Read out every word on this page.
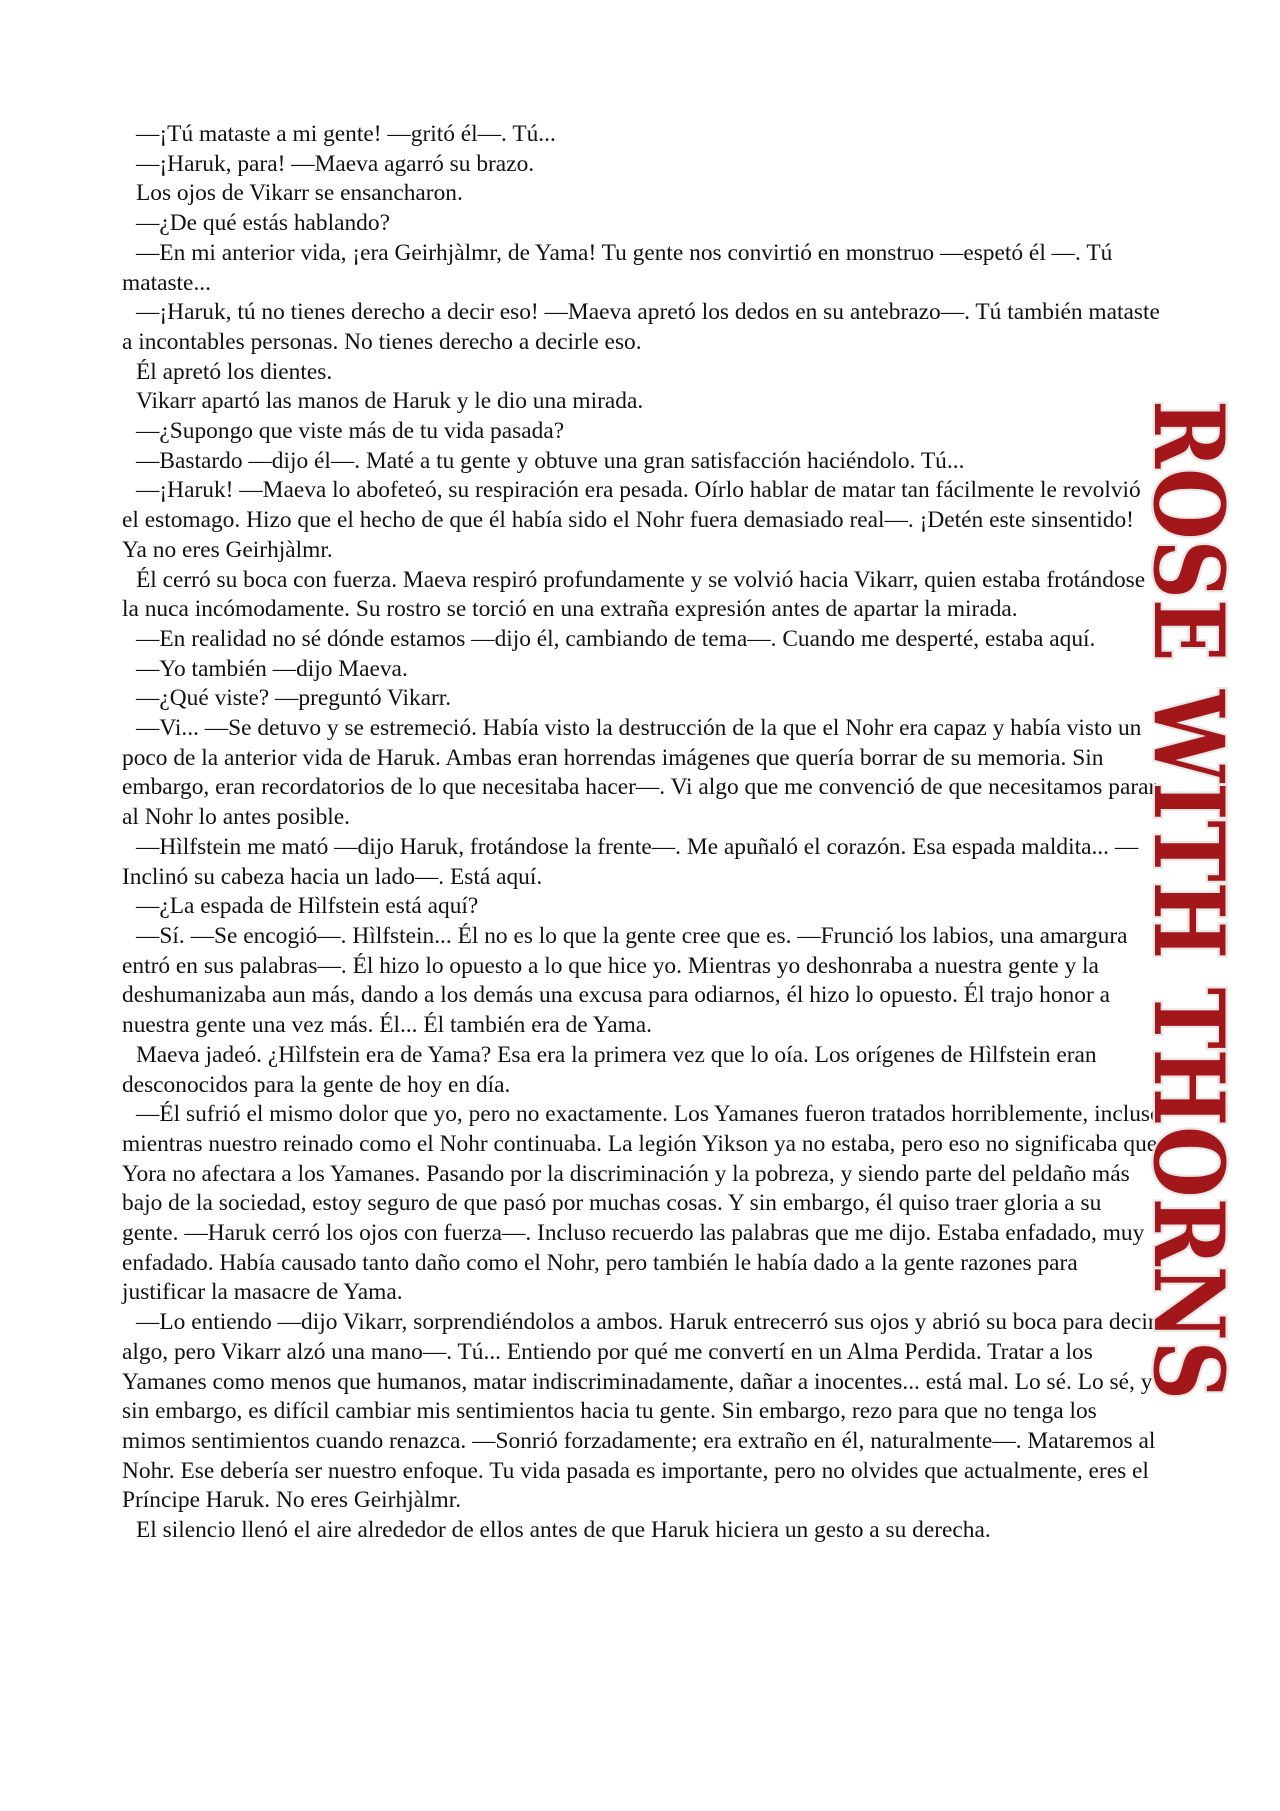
—¡Tú mataste a mi gente! —gritó él—. Tú...

—¡Haruk, para! —Maeva agarró su brazo.

Los ojos de Vikarr se ensancharon.

—¿De qué estás hablando?

—En mi anterior vida, ¡era Geirhjàlmr, de Yama! Tu gente nos convirtió en monstruo —espetó él —. Tú mataste...

—¡Haruk, tú no tienes derecho a decir eso! —Maeva apretó los dedos en su antebrazo—. Tú también mataste a incontables personas. No tienes derecho a decirle eso.

Él apretó los dientes.

Vikarr apartó las manos de Haruk y le dio una mirada.

—¿Supongo que viste más de tu vida pasada?

—Bastardo —dijo él—. Maté a tu gente y obtuve una gran satisfacción haciéndolo. Tú...

—¡Haruk! —Maeva lo abofeteó, su respiración era pesada. Oírlo hablar de matar tan fácilmente le revolvió el estomago. Hizo que el hecho de que él había sido el Nohr fuera demasiado real—. ¡Detén este sinsentido! Ya no eres Geirhjàlmr.

Él cerró su boca con fuerza. Maeva respiró profundamente y se volvió hacia Vikarr, quien estaba frotándose la nuca incómodamente. Su rostro se torció en una extraña expresión antes de apartar la mirada.

—En realidad no sé dónde estamos —dijo él, cambiando de tema—. Cuando me desperté, estaba aquí.

—Yo también —dijo Maeva.

—¿Qué viste? —preguntó Vikarr.

—Vi... —Se detuvo y se estremeció. Había visto la destrucción de la que el Nohr era capaz y había visto un poco de la anterior vida de Haruk. Ambas eran horrendas imágenes que quería borrar de su memoria. Sin embargo, eran recordatorios de lo que necesitaba hacer—. Vi algo que me convenció de que necesitamos parar al Nohr lo antes posible.

—Hìlfstein me mató —dijo Haruk, frotándose la frente—. Me apuñaló el corazón. Esa espada maldita... —Inclinó su cabeza hacia un lado—. Está aquí.

—¿La espada de Hìlfstein está aquí?

—Sí. —Se encogió—. Hìlfstein... Él no es lo que la gente cree que es. —Frunció los labios, una amargura entró en sus palabras—. Él hizo lo opuesto a lo que hice yo. Mientras yo deshonraba a nuestra gente y la deshumanizaba aun más, dando a los demás una excusa para odiarnos, él hizo lo opuesto. Él trajo honor a nuestra gente una vez más. Él... Él también era de Yama.

Maeva jadeó. ¿Hìlfstein era de Yama? Esa era la primera vez que lo oía. Los orígenes de Hìlfstein eran desconocidos para la gente de hoy en día.

—Él sufrió el mismo dolor que yo, pero no exactamente. Los Yamanes fueron tratados horriblemente, incluso mientras nuestro reinado como el Nohr continuaba. La legión Yikson ya no estaba, pero eso no significaba que Yora no afectara a los Yamanes. Pasando por la discriminación y la pobreza, y siendo parte del peldaño más bajo de la sociedad, estoy seguro de que pasó por muchas cosas. Y sin embargo, él quiso traer gloria a su gente. —Haruk cerró los ojos con fuerza—. Incluso recuerdo las palabras que me dijo. Estaba enfadado, muy enfadado. Había causado tanto daño como el Nohr, pero también le había dado a la gente razones para justificar la masacre de Yama.

—Lo entiendo —dijo Vikarr, sorprendiéndolos a ambos. Haruk entrecerró sus ojos y abrió su boca para decir algo, pero Vikarr alzó una mano—. Tú... Entiendo por qué me convertí en un Alma Perdida. Tratar a los Yamanes como menos que humanos, matar indiscriminadamente, dañar a inocentes... está mal. Lo sé. Lo sé, y sin embargo, es difícil cambiar mis sentimientos hacia tu gente. Sin embargo, rezo para que no tenga los mimos sentimientos cuando renazca. —Sonrió forzadamente; era extraño en él, naturalmente—. Mataremos al Nohr. Ese debería ser nuestro enfoque. Tu vida pasada es importante, pero no olvides que actualmente, eres el Príncipe Haruk. No eres Geirhjàlmr.

El silencio llenó el aire alrededor de ellos antes de que Haruk hiciera un gesto a su derecha.	ROSE WITH THORNS
